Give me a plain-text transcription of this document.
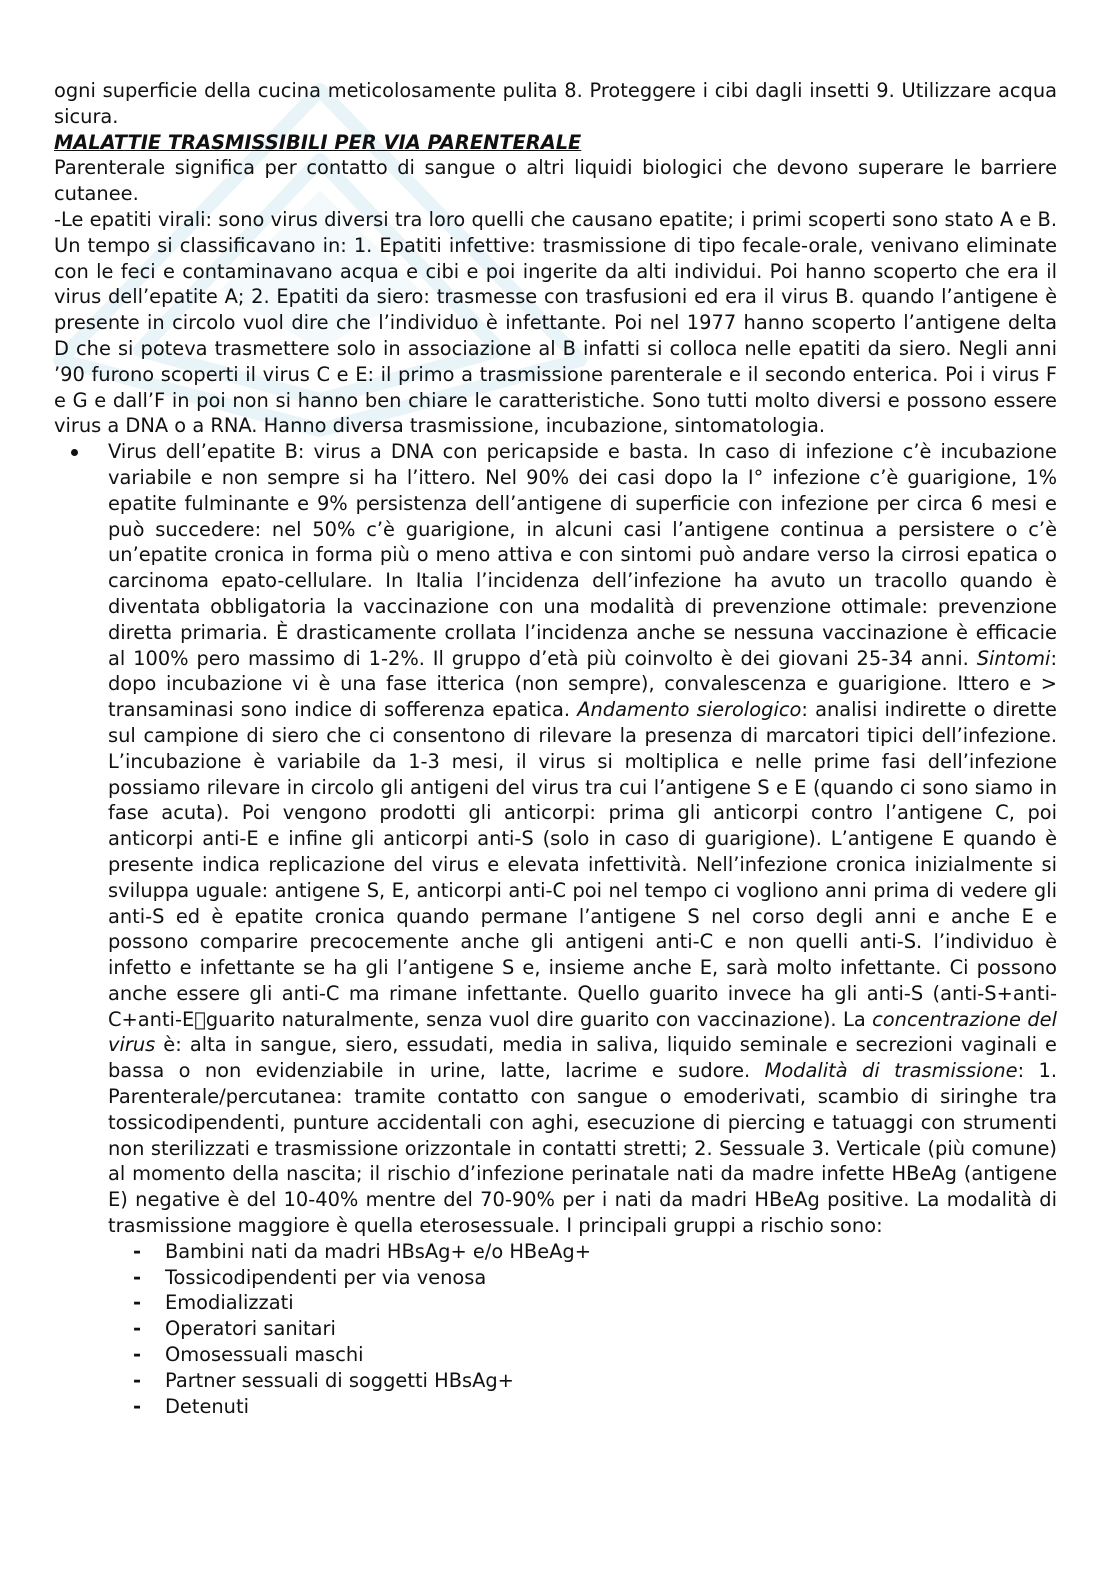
ogni superficie della cucina meticolosamente pulita 8. Proteggere i cibi dagli insetti 9. Utilizzare acqua sicura.

MALATTIE TRASMISSIBILI PER VIA PARENTERALE

Parenterale significa per contatto di sangue o altri liquidi biologici che devono superare le barriere cutanee.

-Le epatiti virali: sono virus diversi tra loro quelli che causano epatite; i primi scoperti sono stato A e B. Un tempo si classificavano in: 1. Epatiti infettive: trasmissione di tipo fecale-orale, venivano eliminate con le feci e contaminavano acqua e cibi e poi ingerite da alti individui. Poi hanno scoperto che era il virus dell’epatite A; 2. Epatiti da siero: trasmesse con trasfusioni ed era il virus B. quando l’antigene è presente in circolo vuol dire che l’individuo è infettante. Poi nel 1977 hanno scoperto l’antigene delta D che si poteva trasmettere solo in associazione al B infatti si colloca nelle epatiti da siero. Negli anni ’90 furono scoperti il virus C e E: il primo a trasmissione parenterale e il secondo enterica. Poi i virus F e G e dall’F in poi non si hanno ben chiare le caratteristiche. Sono tutti molto diversi e possono essere virus a DNA o a RNA. Hanno diversa trasmissione, incubazione, sintomatologia.

Virus dell’epatite B: virus a DNA con pericapside e basta. In caso di infezione c’è incubazione variabile e non sempre si ha l’ittero. Nel 90% dei casi dopo la I° infezione c’è guarigione, 1% epatite fulminante e 9% persistenza dell’antigene di superficie con infezione per circa 6 mesi e può succedere: nel 50% c’è guarigione, in alcuni casi l’antigene continua a persistere o c’è un’epatite cronica in forma più o meno attiva e con sintomi può andare verso la cirrosi epatica o carcinoma epato-cellulare. In Italia l’incidenza dell’infezione ha avuto un tracollo quando è diventata obbligatoria la vaccinazione con una modalità di prevenzione ottimale: prevenzione diretta primaria. È drasticamente crollata l’incidenza anche se nessuna vaccinazione è efficacie al 100% pero massimo di 1-2%. Il gruppo d’età più coinvolto è dei giovani 25-34 anni. Sintomi: dopo incubazione vi è una fase itterica (non sempre), convalescenza e guarigione. Ittero e > transaminasi sono indice di sofferenza epatica. Andamento sierologico: analisi indirette o dirette sul campione di siero che ci consentono di rilevare la presenza di marcatori tipici dell’infezione. L’incubazione è variabile da 1-3 mesi, il virus si moltiplica e nelle prime fasi dell’infezione possiamo rilevare in circolo gli antigeni del virus tra cui l’antigene S e E (quando ci sono siamo in fase acuta). Poi vengono prodotti gli anticorpi: prima gli anticorpi contro l’antigene C, poi anticorpi anti-E e infine gli anticorpi anti-S (solo in caso di guarigione). L’antigene E quando è presente indica replicazione del virus e elevata infettività. Nell’infezione cronica inizialmente si sviluppa uguale: antigene S, E, anticorpi anti-C poi nel tempo ci vogliono anni prima di vedere gli anti-S ed è epatite cronica quando permane l’antigene S nel corso degli anni e anche E e possono comparire precocemente anche gli antigeni anti-C e non quelli anti-S. l’individuo è infetto e infettante se ha gli l’antigene S e, insieme anche E, sarà molto infettante. Ci possono anche essere gli anti-C ma rimane infettante. Quello guarito invece ha gli anti-S (anti-S+anti-C+anti-E guarito naturalmente, senza vuol dire guarito con vaccinazione). La concentrazione del virus è: alta in sangue, siero, essudati, media in saliva, liquido seminale e secrezioni vaginali e bassa o non evidenziabile in urine, latte, lacrime e sudore. Modalità di trasmissione: 1. Parenterale/percutanea: tramite contatto con sangue o emoderivati, scambio di siringhe tra tossicodipendenti, punture accidentali con aghi, esecuzione di piercing e tatuaggi con strumenti non sterilizzati e trasmissione orizzontale in contatti stretti; 2. Sessuale 3. Verticale (più comune) al momento della nascita; il rischio d’infezione perinatale nati da madre infette HBeAg (antigene E) negative è del 10-40% mentre del 70-90% per i nati da madri HBeAg positive. La modalità di trasmissione maggiore è quella eterosessuale. I principali gruppi a rischio sono:

- Bambini nati da madri HBsAg+ e/o HBeAg+
- Tossicodipendenti per via venosa
- Emodializzati
- Operatori sanitari
- Omosessuali maschi
- Partner sessuali di soggetti HBsAg+
- Detenuti
